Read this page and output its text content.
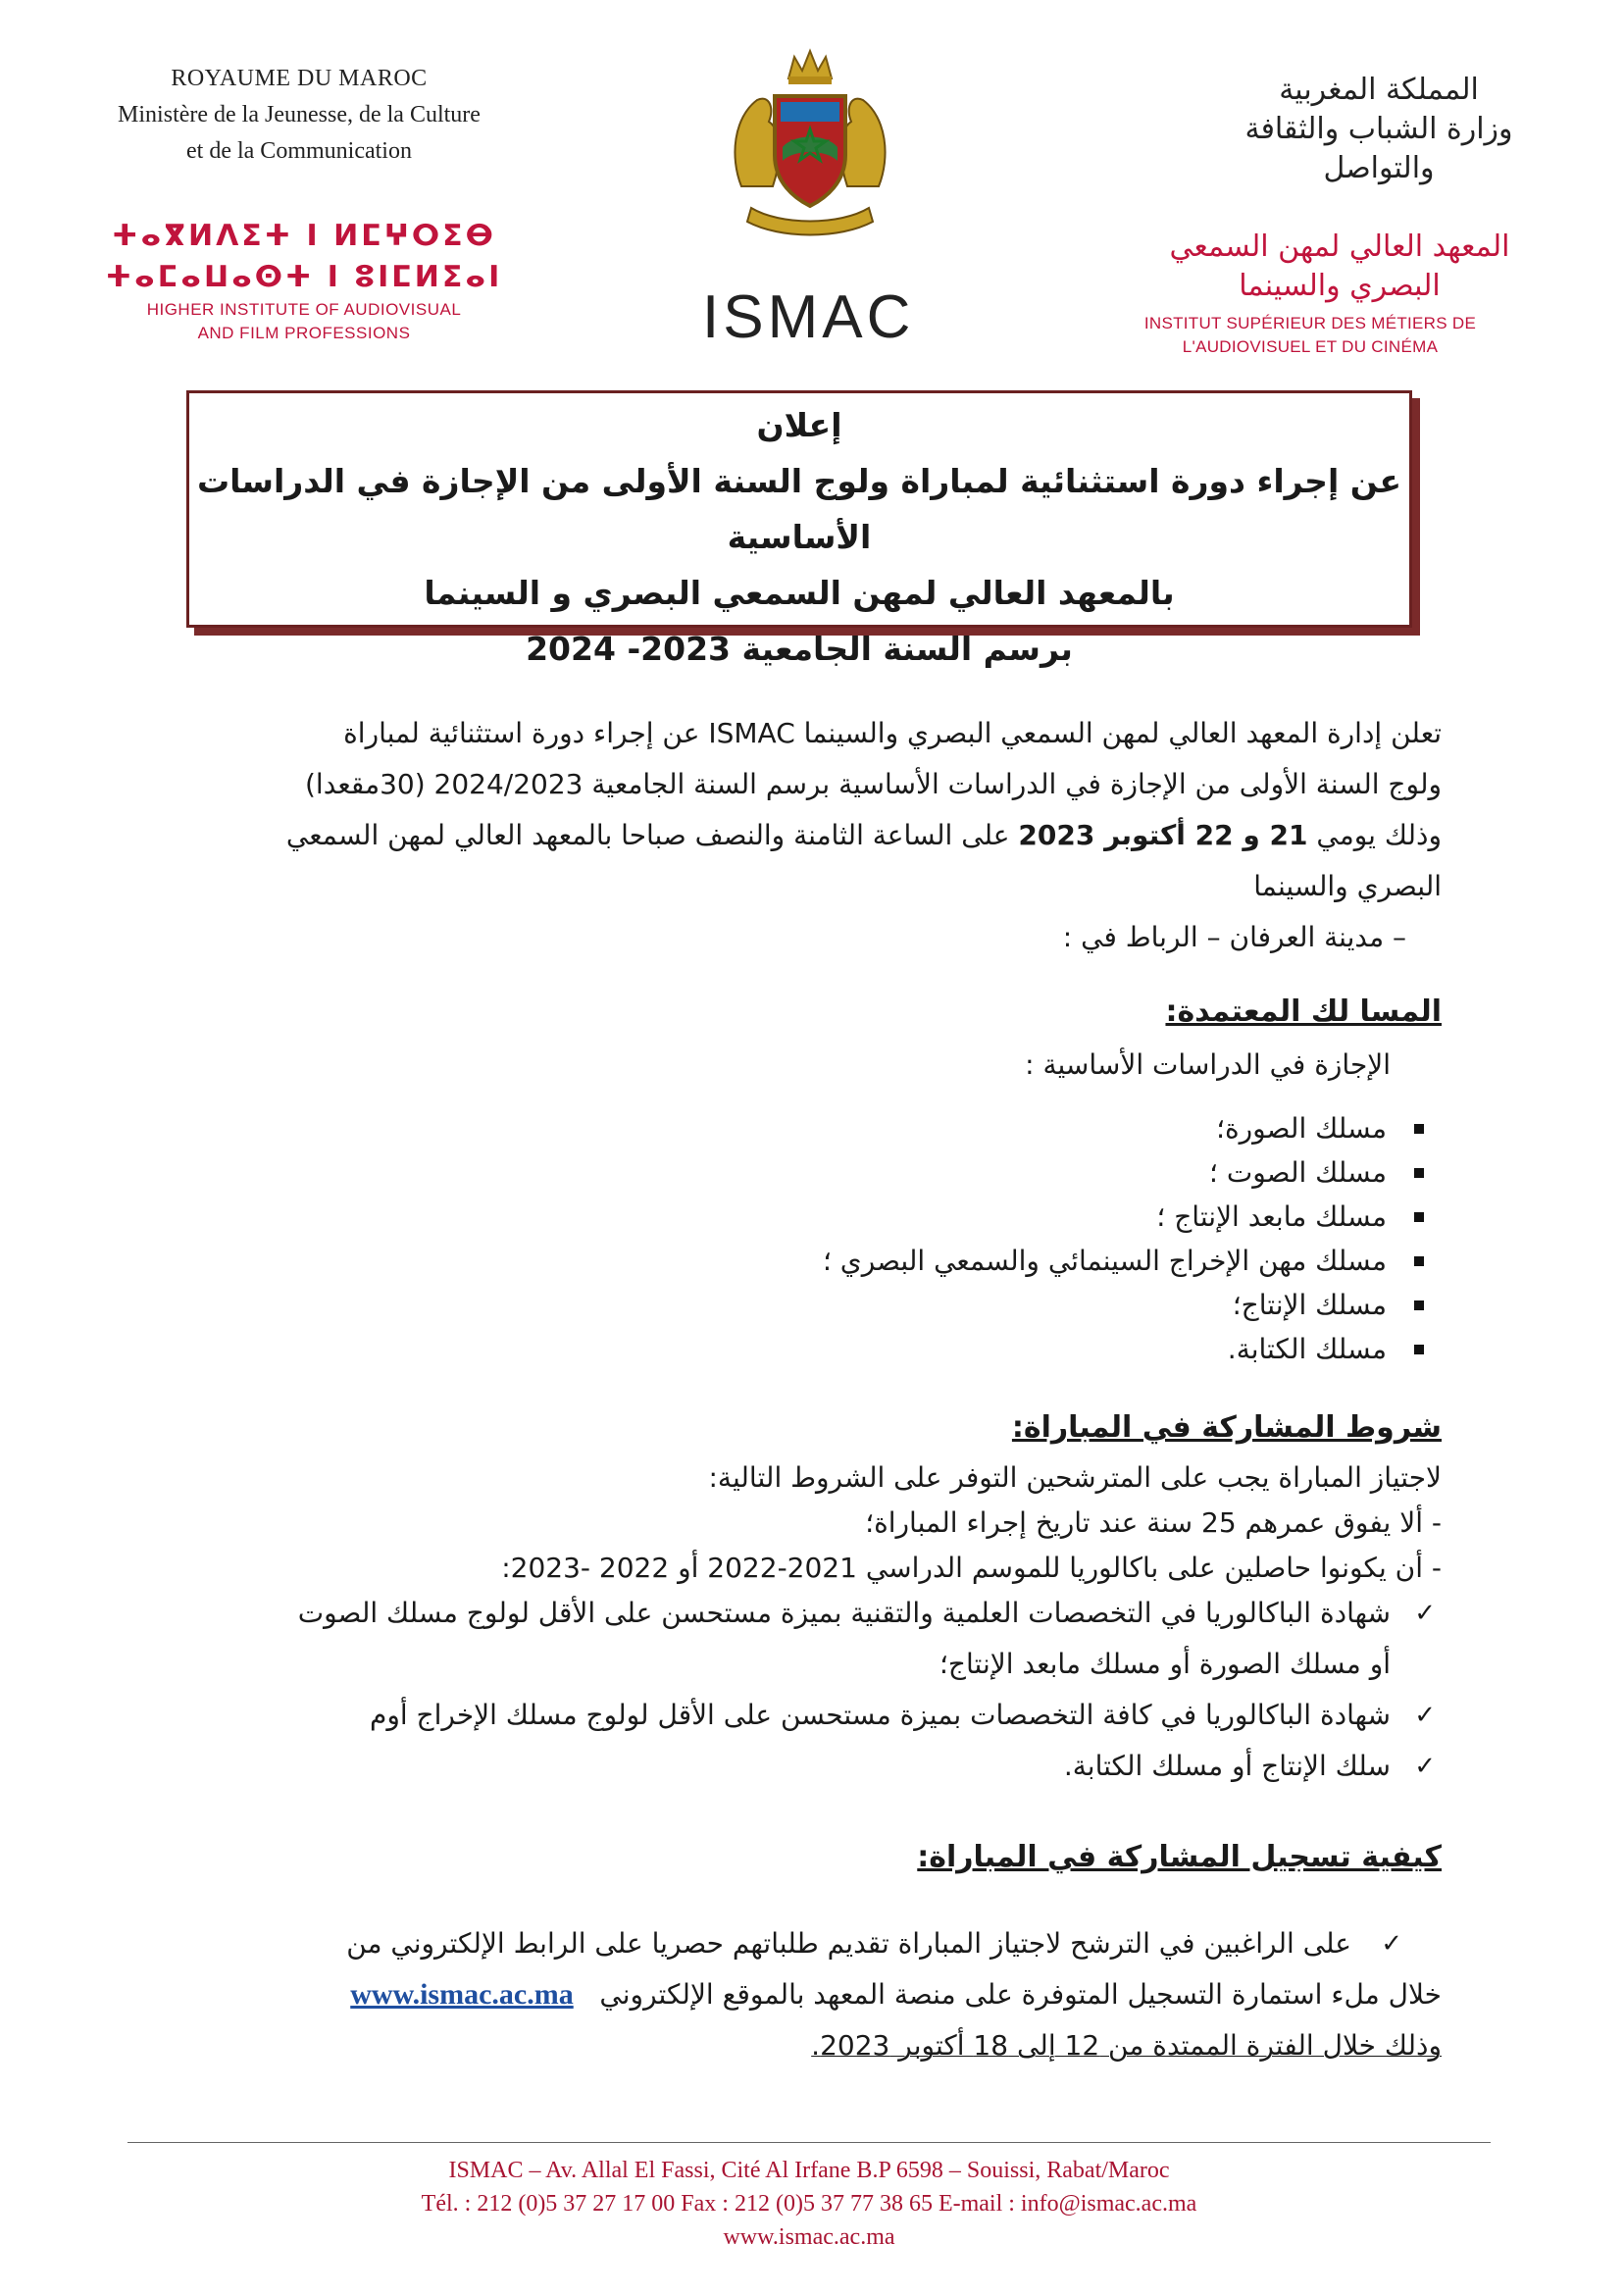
ROYAUME DU MAROC
Ministère de la Jeunesse, de la Culture
et de la Communication
ⵜⴰⴳⵍⴷⵉⵜ ⵏ ⵍⵎⵖⵔⵉⴱ
ⵜⴰⵎⴰⵡⴰⵙⵜ ⵏ ⵓⵏⵎⵍⵉⴰⵏ
HIGHER INSTITUTE OF AUDIOVISUAL
AND FILM PROFESSIONS	ISMAC
المملكة المغربية
وزارة الشباب والثقافة
والتواصل
المعهد العالي لمهن السمعي
البصري والسينما
INSTITUT SUPÉRIEUR DES MÉTIERS DE
L'AUDIOVISUEL ET DU CINÉMA
إعلان
عن إجراء دورة استثنائية لمباراة ولوج السنة الأولى من الإجازة في الدراسات الأساسية
بالمعهد العالي لمهن السمعي البصري و السينما
برسم السنة الجامعية 2023- 2024
تعلن إدارة المعهد العالي لمهن السمعي البصري والسينما ISMAC عن إجراء دورة استثنائية لمباراة
ولوج السنة الأولى من الإجازة في الدراسات الأساسية برسم السنة الجامعية 2024/2023 (30مقعدا)
وذلك يومي 21 و 22 أكتوبر 2023 على الساعة الثامنة والنصف صباحا بالمعهد العالي لمهن السمعي
البصري والسينما
– مدينة العرفان – الرباط في :
المسا لك المعتمدة:
الإجازة في الدراسات الأساسية :
مسلك الصورة؛
مسلك الصوت ؛
مسلك مابعد الإنتاج ؛
مسلك مهن الإخراج السينمائي والسمعي البصري ؛
مسلك الإنتاج؛
مسلك الكتابة.
شروط المشاركة في المباراة:
لاجتياز المباراة يجب على المترشحين التوفر على الشروط التالية:
- ألا يفوق عمرهم 25 سنة عند تاريخ إجراء المباراة؛
- أن يكونوا حاصلين على باكالوريا للموسم الدراسي 2021-2022 أو 2022 -2023:
✓
شهادة الباكالوريا في التخصصات العلمية والتقنية بميزة مستحسن على الأقل لولوج مسلك الصوت
أو مسلك الصورة أو مسلك مابعد الإنتاج؛
✓
شهادة الباكالوريا في كافة التخصصات بميزة مستحسن على الأقل لولوج مسلك الإخراج أوم
✓
سلك الإنتاج أو مسلك الكتابة.
كيفية تسجيل المشاركة في المباراة:
✓
على الراغبين في الترشح لاجتياز المباراة تقديم طلباتهم حصريا على الرابط الإلكتروني من
خلال ملء استمارة التسجيل المتوفرة على منصة المعهد بالموقع الإلكتروني   www.ismac.ac.ma
وذلك خلال الفترة الممتدة من 12 إلى 18 أكتوبر 2023.
ISMAC – Av. Allal El Fassi, Cité Al Irfane B.P 6598 – Souissi, Rabat/Maroc
Tél. : 212 (0)5 37 27 17 00 Fax : 212 (0)5 37 77 38 65 E-mail : info@ismac.ac.ma
www.ismac.ac.ma
